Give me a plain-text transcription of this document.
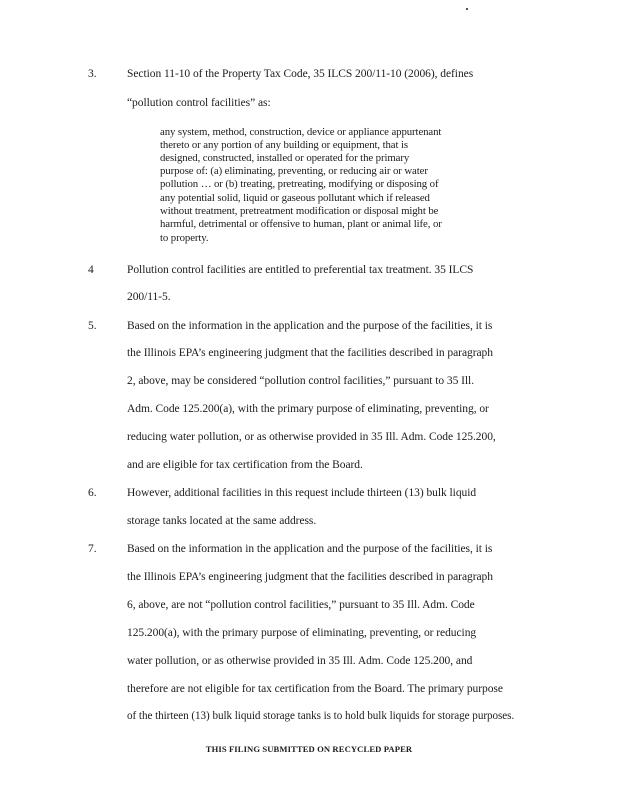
3.	Section 11-10 of the Property Tax Code, 35 ILCS 200/11-10 (2006), defines
“pollution control facilities” as:
any system, method, construction, device or appliance appurtenant
thereto or any portion of any building or equipment, that is
designed, constructed, installed or operated for the primary
purpose of: (a) eliminating, preventing, or reducing air or water
pollution … or (b) treating, pretreating, modifying or disposing of
any potential solid, liquid or gaseous pollutant which if released
without treatment, pretreatment modification or disposal might be
harmful, detrimental or offensive to human, plant or animal life, or
to property.
4	Pollution control facilities are entitled to preferential tax treatment. 35 ILCS
200/11-5.
5.	Based on the information in the application and the purpose of the facilities, it is
the Illinois EPA’s engineering judgment that the facilities described in paragraph
2, above, may be considered “pollution control facilities,” pursuant to 35 Ill.
Adm. Code 125.200(a), with the primary purpose of eliminating, preventing, or
reducing water pollution, or as otherwise provided in 35 Ill. Adm. Code 125.200,
and are eligible for tax certification from the Board.
6.	However, additional facilities in this request include thirteen (13) bulk liquid
storage tanks located at the same address.
7.	Based on the information in the application and the purpose of the facilities, it is
the Illinois EPA’s engineering judgment that the facilities described in paragraph
6, above, are not “pollution control facilities,” pursuant to 35 Ill. Adm. Code
125.200(a), with the primary purpose of eliminating, preventing, or reducing
water pollution, or as otherwise provided in 35 Ill. Adm. Code 125.200, and
therefore are not eligible for tax certification from the Board. The primary purpose
of the thirteen (13) bulk liquid storage tanks is to hold bulk liquids for storage purposes.
THIS FILING SUBMITTED ON RECYCLED PAPER
